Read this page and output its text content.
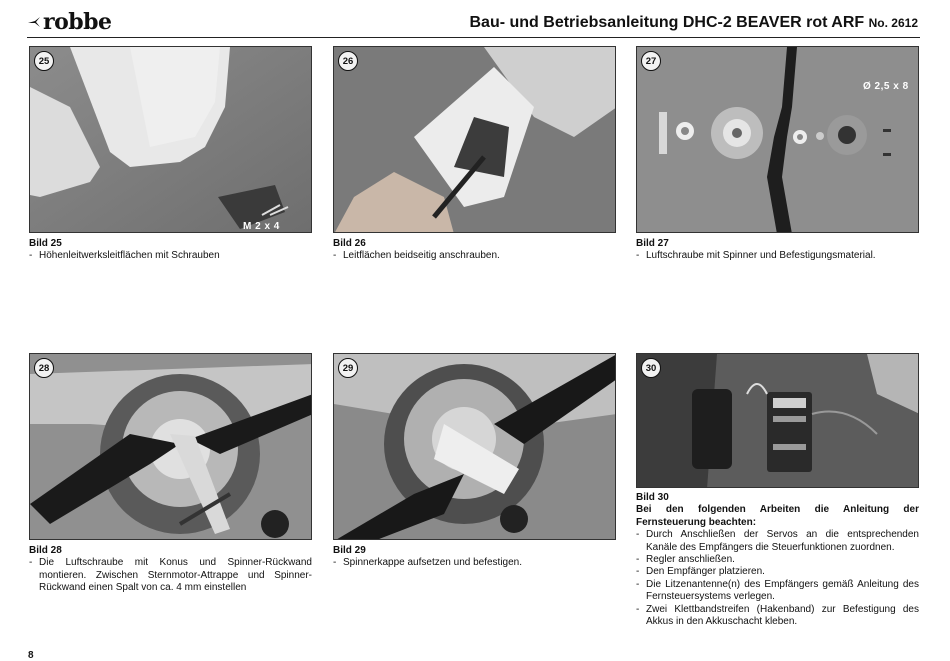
robbe	Bau- und Betriebsanleitung DHC-2 BEAVER rot ARF No. 2612
25
M 2 x 4
Bild 25
- Höhenleitwerksleitflächen mit Schrauben
26
Bild 26
- Leitflächen beidseitig anschrauben.
27
Ø 2,5 x 8
Bild 27
- Luftschraube mit Spinner und Befestigungsmaterial.
28
Bild 28
- Die Luftschraube mit Konus und Spinner-Rückwand montieren. Zwischen Sternmotor-Attrappe und Spinner-Rückwand einen Spalt von ca. 4 mm einstellen
29
Bild 29
- Spinnerkappe aufsetzen und befestigen.
30
Bild 30
Bei den folgenden Arbeiten die Anleitung der Fernsteuerung beachten:
- Durch Anschließen der Servos an die entsprechenden Kanäle des Empfängers die Steuerfunktionen zuordnen.
- Regler anschließen.
- Den Empfänger platzieren.
- Die Litzenantenne(n) des Empfängers gemäß Anleitung des Fernsteuersystems verlegen.
- Zwei Klettbandstreifen (Hakenband) zur Befestigung des Akkus in den Akkuschacht kleben.
8
